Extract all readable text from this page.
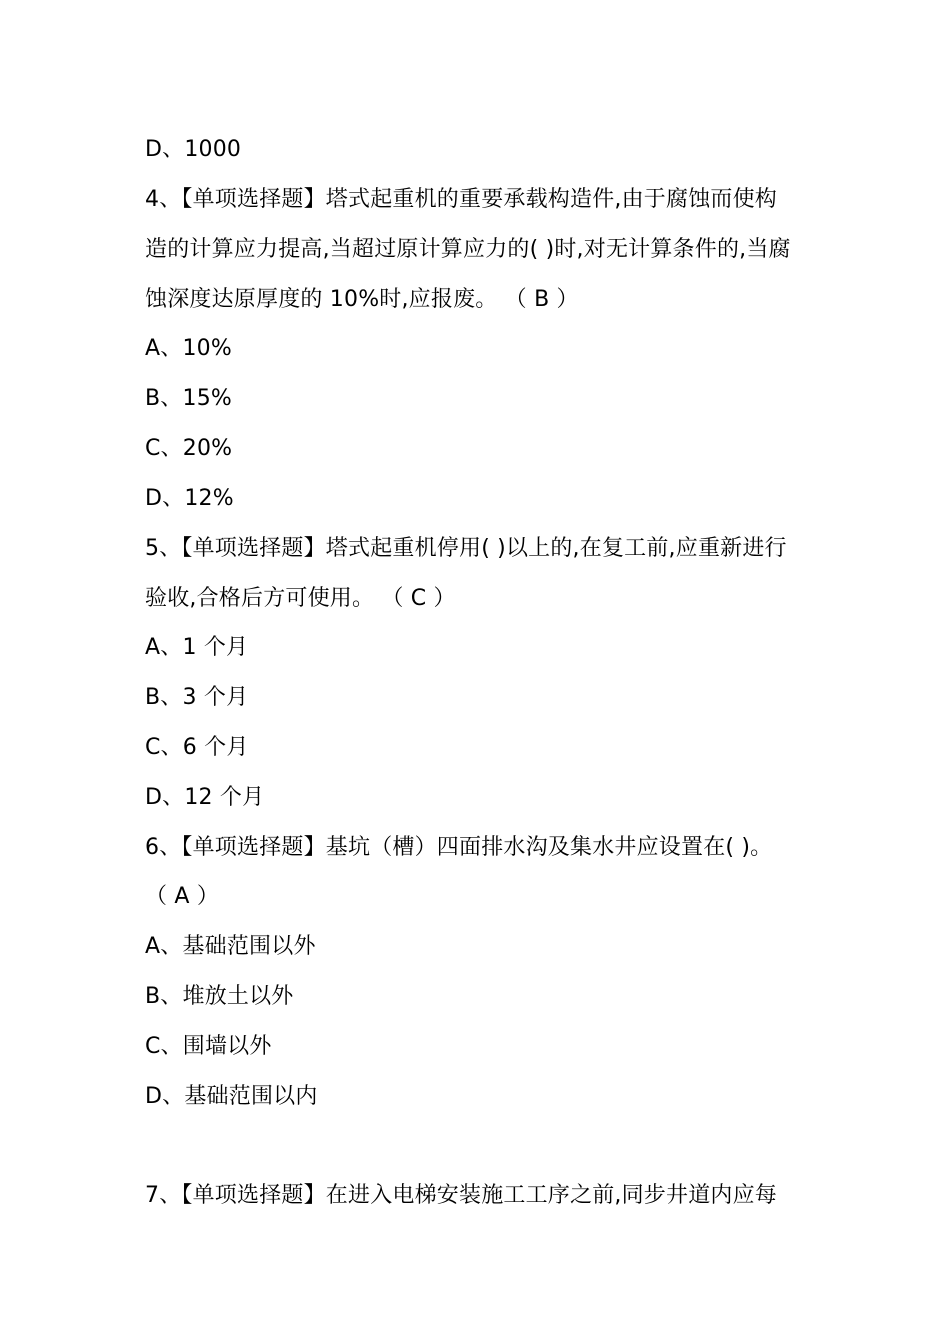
D、1000
4、【单项选择题】塔式起重机的重要承载构造件,由于腐蚀而使构
造的计算应力提高,当超过原计算应力的( )时,对无计算条件的,当腐
蚀深度达原厚度的 10%时,应报废。 （ B ）
A、10%
B、15%
C、20%
D、12%
5、【单项选择题】塔式起重机停用( )以上的,在复工前,应重新进行
验收,合格后方可使用。 （ C ）
A、1 个月
B、3 个月
C、6 个月
D、12 个月
6、【单项选择题】基坑（槽）四面排水沟及集水井应设置在( )。
（ A ）
A、基础范围以外
B、堆放土以外
C、围墙以外
D、基础范围以内
7、【单项选择题】在进入电梯安装施工工序之前,同步井道内应每
